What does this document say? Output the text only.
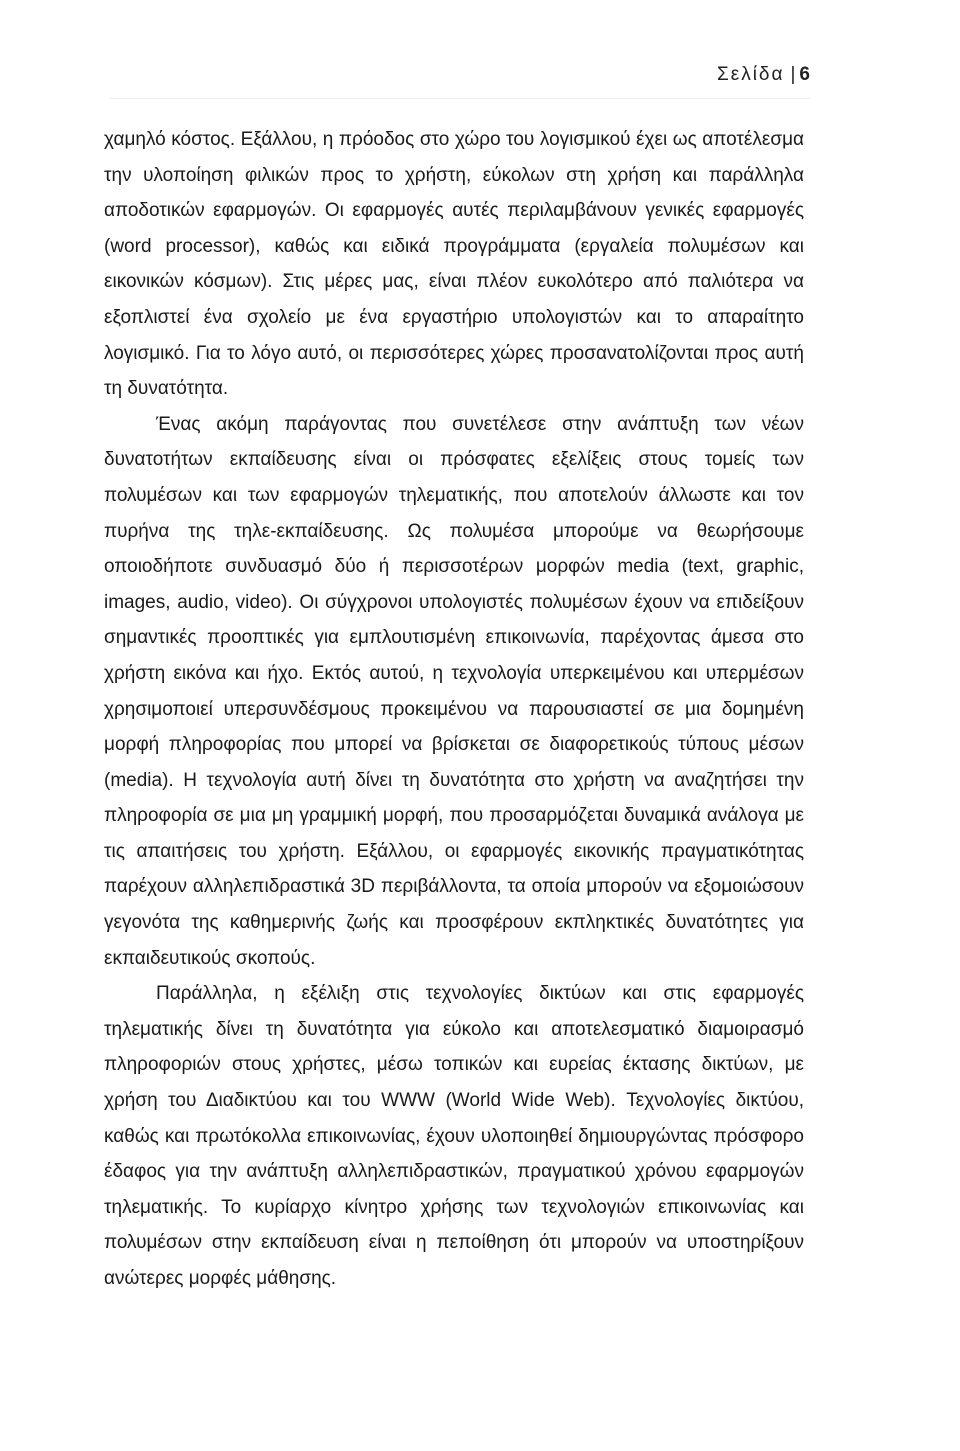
Σελίδα | 6

χαμηλό κόστος. Εξάλλου, η πρόοδος στο χώρο του λογισμικού έχει ως αποτέλεσμα την υλοποίηση φιλικών προς το χρήστη, εύκολων στη χρήση και παράλληλα αποδοτικών εφαρμογών. Οι εφαρμογές αυτές περιλαμβάνουν γενικές εφαρμογές (word processor), καθώς και ειδικά προγράμματα (εργαλεία πολυμέσων και εικονικών κόσμων). Στις μέρες μας, είναι πλέον ευκολότερο από παλιότερα να εξοπλιστεί ένα σχολείο με ένα εργαστήριο υπολογιστών και το απαραίτητο λογισμικό. Για το λόγο αυτό, οι περισσότερες χώρες προσανατολίζονται προς αυτή τη δυνατότητα.

Ένας ακόμη παράγοντας που συνετέλεσε στην ανάπτυξη των νέων δυνατοτήτων εκπαίδευσης είναι οι πρόσφατες εξελίξεις στους τομείς των πολυμέσων και των εφαρμογών τηλεματικής, που αποτελούν άλλωστε και τον πυρήνα της τηλε-εκπαίδευσης. Ως πολυμέσα μπορούμε να θεωρήσουμε οποιοδήποτε συνδυασμό δύο ή περισσοτέρων μορφών media (text, graphic, images, audio, video). Οι σύγχρονοι υπολογιστές πολυμέσων έχουν να επιδείξουν σημαντικές προοπτικές για εμπλουτισμένη επικοινωνία, παρέχοντας άμεσα στο χρήστη εικόνα και ήχο. Εκτός αυτού, η τεχνολογία υπερκειμένου και υπερμέσων χρησιμοποιεί υπερσυνδέσμους προκειμένου να παρουσιαστεί σε μια δομημένη μορφή πληροφορίας που μπορεί να βρίσκεται σε διαφορετικούς τύπους μέσων (media). Η τεχνολογία αυτή δίνει τη δυνατότητα στο χρήστη να αναζητήσει την πληροφορία σε μια μη γραμμική μορφή, που προσαρμόζεται δυναμικά ανάλογα με τις απαιτήσεις του χρήστη. Εξάλλου, οι εφαρμογές εικονικής πραγματικότητας παρέχουν αλληλεπιδραστικά 3D περιβάλλοντα, τα οποία μπορούν να εξομοιώσουν γεγονότα της καθημερινής ζωής και προσφέρουν εκπληκτικές δυνατότητες για εκπαιδευτικούς σκοπούς.

Παράλληλα, η εξέλιξη στις τεχνολογίες δικτύων και στις εφαρμογές τηλεματικής δίνει τη δυνατότητα για εύκολο και αποτελεσματικό διαμοιρασμό πληροφοριών στους χρήστες, μέσω τοπικών και ευρείας έκτασης δικτύων, με χρήση του Διαδικτύου και του WWW (World Wide Web). Τεχνολογίες δικτύου, καθώς και πρωτόκολλα επικοινωνίας, έχουν υλοποιηθεί δημιουργώντας πρόσφορο έδαφος για την ανάπτυξη αλληλεπιδραστικών, πραγματικού χρόνου εφαρμογών τηλεματικής. Το κυρίαρχο κίνητρο χρήσης των τεχνολογιών επικοινωνίας και πολυμέσων στην εκπαίδευση είναι η πεποίθηση ότι μπορούν να υποστηρίξουν ανώτερες μορφές μάθησης.
